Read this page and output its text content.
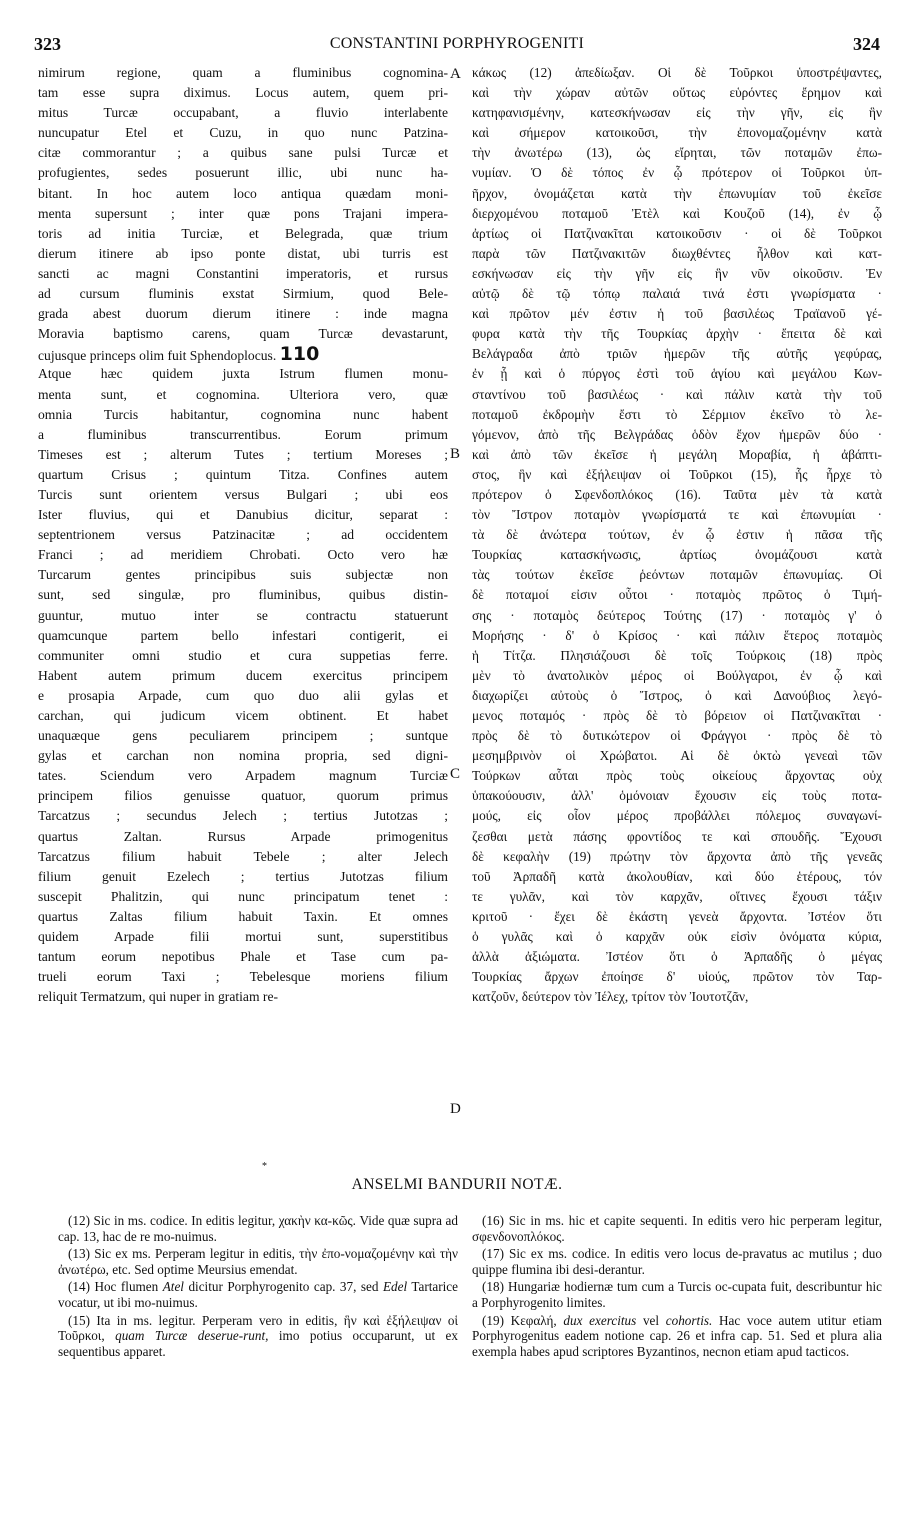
323	CONSTANTINI PORPHYROGENITI	324
nimirum regione, quam a fluminibus cognomina-
tam esse supra diximus. Locus autem, quem pri-
mitus Turcæ occupabant, a fluvio interlabente
nuncupatur Etel et Cuzu, in quo nunc Patzina-
citæ commorantur ; a quibus sane pulsi Turcæ et
profugientes, sedes posuerunt illic, ubi nunc ha-
bitant. In hoc autem loco antiqua quædam moni-
menta supersunt ; inter quæ pons Trajani impera-
toris ad initia Turciæ, et Belegrada, quæ trium
dierum itinere ab ipso ponte distat, ubi turris est
sancti ac magni Constantini imperatoris, et rursus
ad cursum fluminis exstat Sirmium, quod Bele-
grada abest duorum dierum itinere : inde magna
Moravia baptismo carens, quam Turcæ devastarunt,
cujusque princeps olim fuit Sphendoplocus. 110
Atque hæc quidem juxta Istrum flumen monu-
menta sunt, et cognomina. Ulteriora vero, quæ
omnia Turcis habitantur, cognomina nunc habent
a fluminibus transcurrentibus. Eorum primum
Timeses est ; alterum Tutes ; tertium Moreses ;
quartum Crisus ; quintum Titza. Confines autem
Turcis sunt orientem versus Bulgari ; ubi eos
Ister fluvius, qui et Danubius dicitur, separat :
septentrionem versus Patzinacitæ ; ad occidentem
Franci ; ad meridiem Chrobati. Octo vero hæ
Turcarum gentes principibus suis subjectæ non
sunt, sed singulæ, pro fluminibus, quibus distin-
guuntur, mutuo inter se contractu statuerunt
quamcunque partem bello infestari contigerit, ei
communiter omni studio et cura suppetias ferre.
Habent autem primum ducem exercitus principem
e prosapia Arpade, cum quo duo alii gylas et
carchan, qui judicum vicem obtinent. Et habet
unaquæque gens peculiarem principem ; suntque
gylas et carchan non nomina propria, sed digni-
tates. Sciendum vero Arpadem magnum Turciæ
principem filios genuisse quatuor, quorum primus
Tarcatzus ; secundus Jelech ; tertius Jutotzas ;
quartus Zaltan. Rursus Arpade primogenitus
Tarcatzus filium habuit Tebele ; alter Jelech
filium genuit Ezelech ; tertius Jutotzas filium
suscepit Phalitzin, qui nunc principatum tenet :
quartus Zaltas filium habuit Taxin. Et omnes
quidem Arpade filii mortui sunt, superstitibus
tantum eorum nepotibus Phale et Tase cum pa-
trueli eorum Taxi ; Tebelesque moriens filium
reliquit Termatzum, qui nuper in gratiam re-
κάκως (12) ἀπεδίωξαν. Οἱ δὲ Τοῦρκοι ὑποστρέψαντες,
καὶ τὴν χώραν αὐτῶν οὕτως εὑρόντες ἔρημον καὶ
κατηφανισμένην, κατεσκήνωσαν εἰς τὴν γῆν, εἰς ἣν
καὶ σήμερον κατοικοῦσι, τὴν ἐπονομαζομένην κατὰ
τὴν ἀνωτέρω (13), ὡς εἴρηται, τῶν ποταμῶν ἐπω-
νυμίαν. Ὁ δὲ τόπος ἐν ᾧ πρότερον οἱ Τοῦρκοι ὑπ-
ῆρχον, ὀνομάζεται κατὰ τὴν ἐπωνυμίαν τοῦ ἐκεῖσε
διερχομένου ποταμοῦ Ἐτὲλ καὶ Κουζοῦ (14), ἐν ᾧ
ἀρτίως οἱ Πατζινακῖται κατοικοῦσιν · οἱ δὲ Τοῦρκοι
παρὰ τῶν Πατζινακιτῶν διωχθέντες ἦλθον καὶ κατ-
εσκήνωσαν εἰς τὴν γῆν εἰς ἣν νῦν οἰκοῦσιν. Ἐν
αὐτῷ δὲ τῷ τόπῳ παλαιά τινά ἐστι γνωρίσματα ·
καὶ πρῶτον μέν ἐστιν ἡ τοῦ βασιλέως Τραϊανοῦ γέ-
φυρα κατὰ τὴν τῆς Τουρκίας ἀρχὴν · ἔπειτα δὲ καὶ
Βελάγραδα ἀπὸ τριῶν ἡμερῶν τῆς αὐτῆς γεφύρας,
ἐν ᾗ καὶ ὁ πύργος ἐστὶ τοῦ ἁγίου καὶ μεγάλου Κων-
σταντίνου τοῦ βασιλέως · καὶ πάλιν κατὰ τὴν τοῦ
ποταμοῦ ἐκδρομὴν ἔστι τὸ Σέρμιον ἐκεῖνο τὸ λε-
γόμενον, ἀπὸ τῆς Βελγράδας ὁδὸν ἔχον ἡμερῶν δύο ·
καὶ ἀπὸ τῶν ἐκεῖσε ἡ μεγάλη Μοραβία, ἡ ἀβάπτι-
στος, ἣν καὶ ἐξήλειψαν οἱ Τοῦρκοι (15), ἧς ἦρχε τὸ
πρότερον ὁ Σφενδοπλόκος (16). Ταῦτα μὲν τὰ κατὰ
τὸν Ἴστρον ποταμὸν γνωρίσματά τε καὶ ἐπωνυμίαι ·
τὰ δὲ ἀνώτερα τούτων, ἐν ᾧ ἐστιν ἡ πᾶσα τῆς
Τουρκίας κατασκήνωσις, ἀρτίως ὀνομάζουσι κατὰ
τὰς τούτων ἐκεῖσε ῥεόντων ποταμῶν ἐπωνυμίας. Οἱ
δὲ ποταμοί εἰσιν οὗτοι · ποταμὸς πρῶτος ὁ Τιμή-
σης · ποταμὸς δεύτερος Τούτης (17) · ποταμὸς γ' ὁ
Μορήσης · δ' ὁ Κρίσος · καὶ πάλιν ἕτερος ποταμὸς
ἡ Τίτζα. Πλησιάζουσι δὲ τοῖς Τούρκοις (18) πρὸς
μὲν τὸ ἀνατολικὸν μέρος οἱ Βούλγαροι, ἐν ᾧ καὶ
διαχωρίζει αὐτοὺς ὁ Ἴστρος, ὁ καὶ Δανούβιος λεγό-
μενος ποταμός · πρὸς δὲ τὸ βόρειον οἱ Πατζινακῖται ·
πρὸς δὲ τὸ δυτικώτερον οἱ Φράγγοι · πρὸς δὲ τὸ
μεσημβρινὸν οἱ Χρώβατοι. Αἱ δὲ ὀκτὼ γενεαὶ τῶν
Τούρκων αὗται πρὸς τοὺς οἰκείους ἄρχοντας οὐχ
ὑπακούουσιν, ἀλλ' ὁμόνοιαν ἔχουσιν εἰς τοὺς ποτα-
μούς, εἰς οἷον μέρος προβάλλει πόλεμος συναγωνί-
ζεσθαι μετὰ πάσης φροντίδος τε καὶ σπουδῆς. Ἔχουσι
δὲ κεφαλὴν (19) πρώτην τὸν ἄρχοντα ἀπὸ τῆς γενεᾶς
τοῦ Ἀρπαδῆ κατὰ ἀκολουθίαν, καὶ δύο ἑτέρους, τόν
τε γυλᾶν, καὶ τὸν καρχᾶν, οἵτινες ἔχουσι τάξιν
κριτοῦ · ἔχει δὲ ἑκάστη γενεὰ ἄρχοντα. Ἰστέον ὅτι
ὁ γυλᾶς καὶ ὁ καρχᾶν οὐκ εἰσὶν ὀνόματα κύρια,
ἀλλὰ ἀξιώματα. Ἰστέον ὅτι ὁ Ἀρπαδῆς ὁ μέγας
Τουρκίας ἄρχων ἐποίησε δ' υἱούς, πρῶτον τὸν Ταρ-
κατζοῦν, δεύτερον τὸν Ἰέλεχ, τρίτον τὸν Ἰουτοτζᾶν,
A
B
C
D
*
ANSELMI BANDURII NOTÆ.
(12) Sic in ms. codice. In editis legitur, χακὴν κα-κῶς. Vide quæ supra ad cap. 13, hac de re mo-nuimus.
(13) Sic ex ms. Perperam legitur in editis, τὴν ἐπο-νομαζομένην καὶ τὴν ἀνωτέρω, etc. Sed optime Meursius emendat.
(14) Hoc flumen Atel dicitur Porphyrogenito cap. 37, sed Edel Tartarice vocatur, ut ibi mo-nuimus.
(15) Ita in ms. legitur. Perperam vero in editis, ἣν καὶ ἐξήλειψαν οἱ Τοῦρκοι, quam Turcæ deserue-runt, imo potius occuparunt, ut ex sequentibus apparet.
(16) Sic in ms. hic et capite sequenti. In editis vero hic perperam legitur, σφενδονοπλόκος.
(17) Sic ex ms. codice. In editis vero locus de-pravatus ac mutilus ; duo quippe flumina ibi desi-derantur.
(18) Hungariæ hodiernæ tum cum a Turcis oc-cupata fuit, describuntur hic a Porphyrogenito limites.
(19) Κεφαλή, dux exercitus vel cohortis. Hac voce autem utitur etiam Porphyrogenitus eadem notione cap. 26 et infra cap. 51. Sed et plura alia exempla habes apud scriptores Byzantinos, necnon etiam apud tacticos.
